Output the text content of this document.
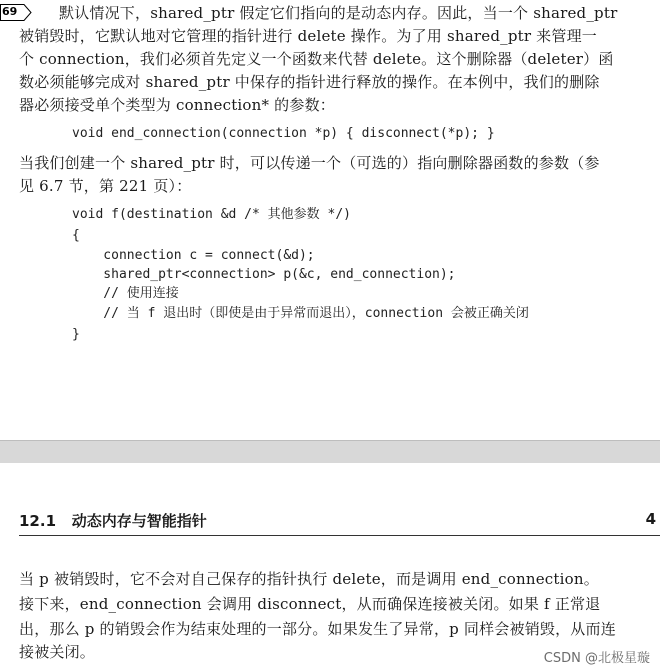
69	默认情况下，shared_ptr 假定它们指向的是动态内存。因此，当一个 shared_ptr
被销毁时，它默认地对它管理的指针进行 delete 操作。为了用 shared_ptr 来管理一
个 connection，我们必须首先定义一个函数来代替 delete。这个删除器（deleter）函
数必须能够完成对 shared_ptr 中保存的指针进行释放的操作。在本例中，我们的删除
器必须接受单个类型为 connection* 的参数：
void end_connection(connection *p) { disconnect(*p); }
当我们创建一个 shared_ptr 时，可以传递一个（可选的）指向删除器函数的参数（参
见 6.7 节，第 221 页）：
void f(destination &d /* 其他参数 */)
{
connection c = connect(&d);
shared_ptr<connection> p(&c, end_connection);
// 使用连接
// 当 f 退出时（即使是由于异常而退出），connection 会被正确关闭
}
12.1 动态内存与智能指针	4
当 p 被销毁时，它不会对自己保存的指针执行 delete，而是调用 end_connection。
接下来，end_connection 会调用 disconnect，从而确保连接被关闭。如果 f 正常退
出，那么 p 的销毁会作为结束处理的一部分。如果发生了异常，p 同样会被销毁，从而连
接被关闭。	CSDN @北极星璇
